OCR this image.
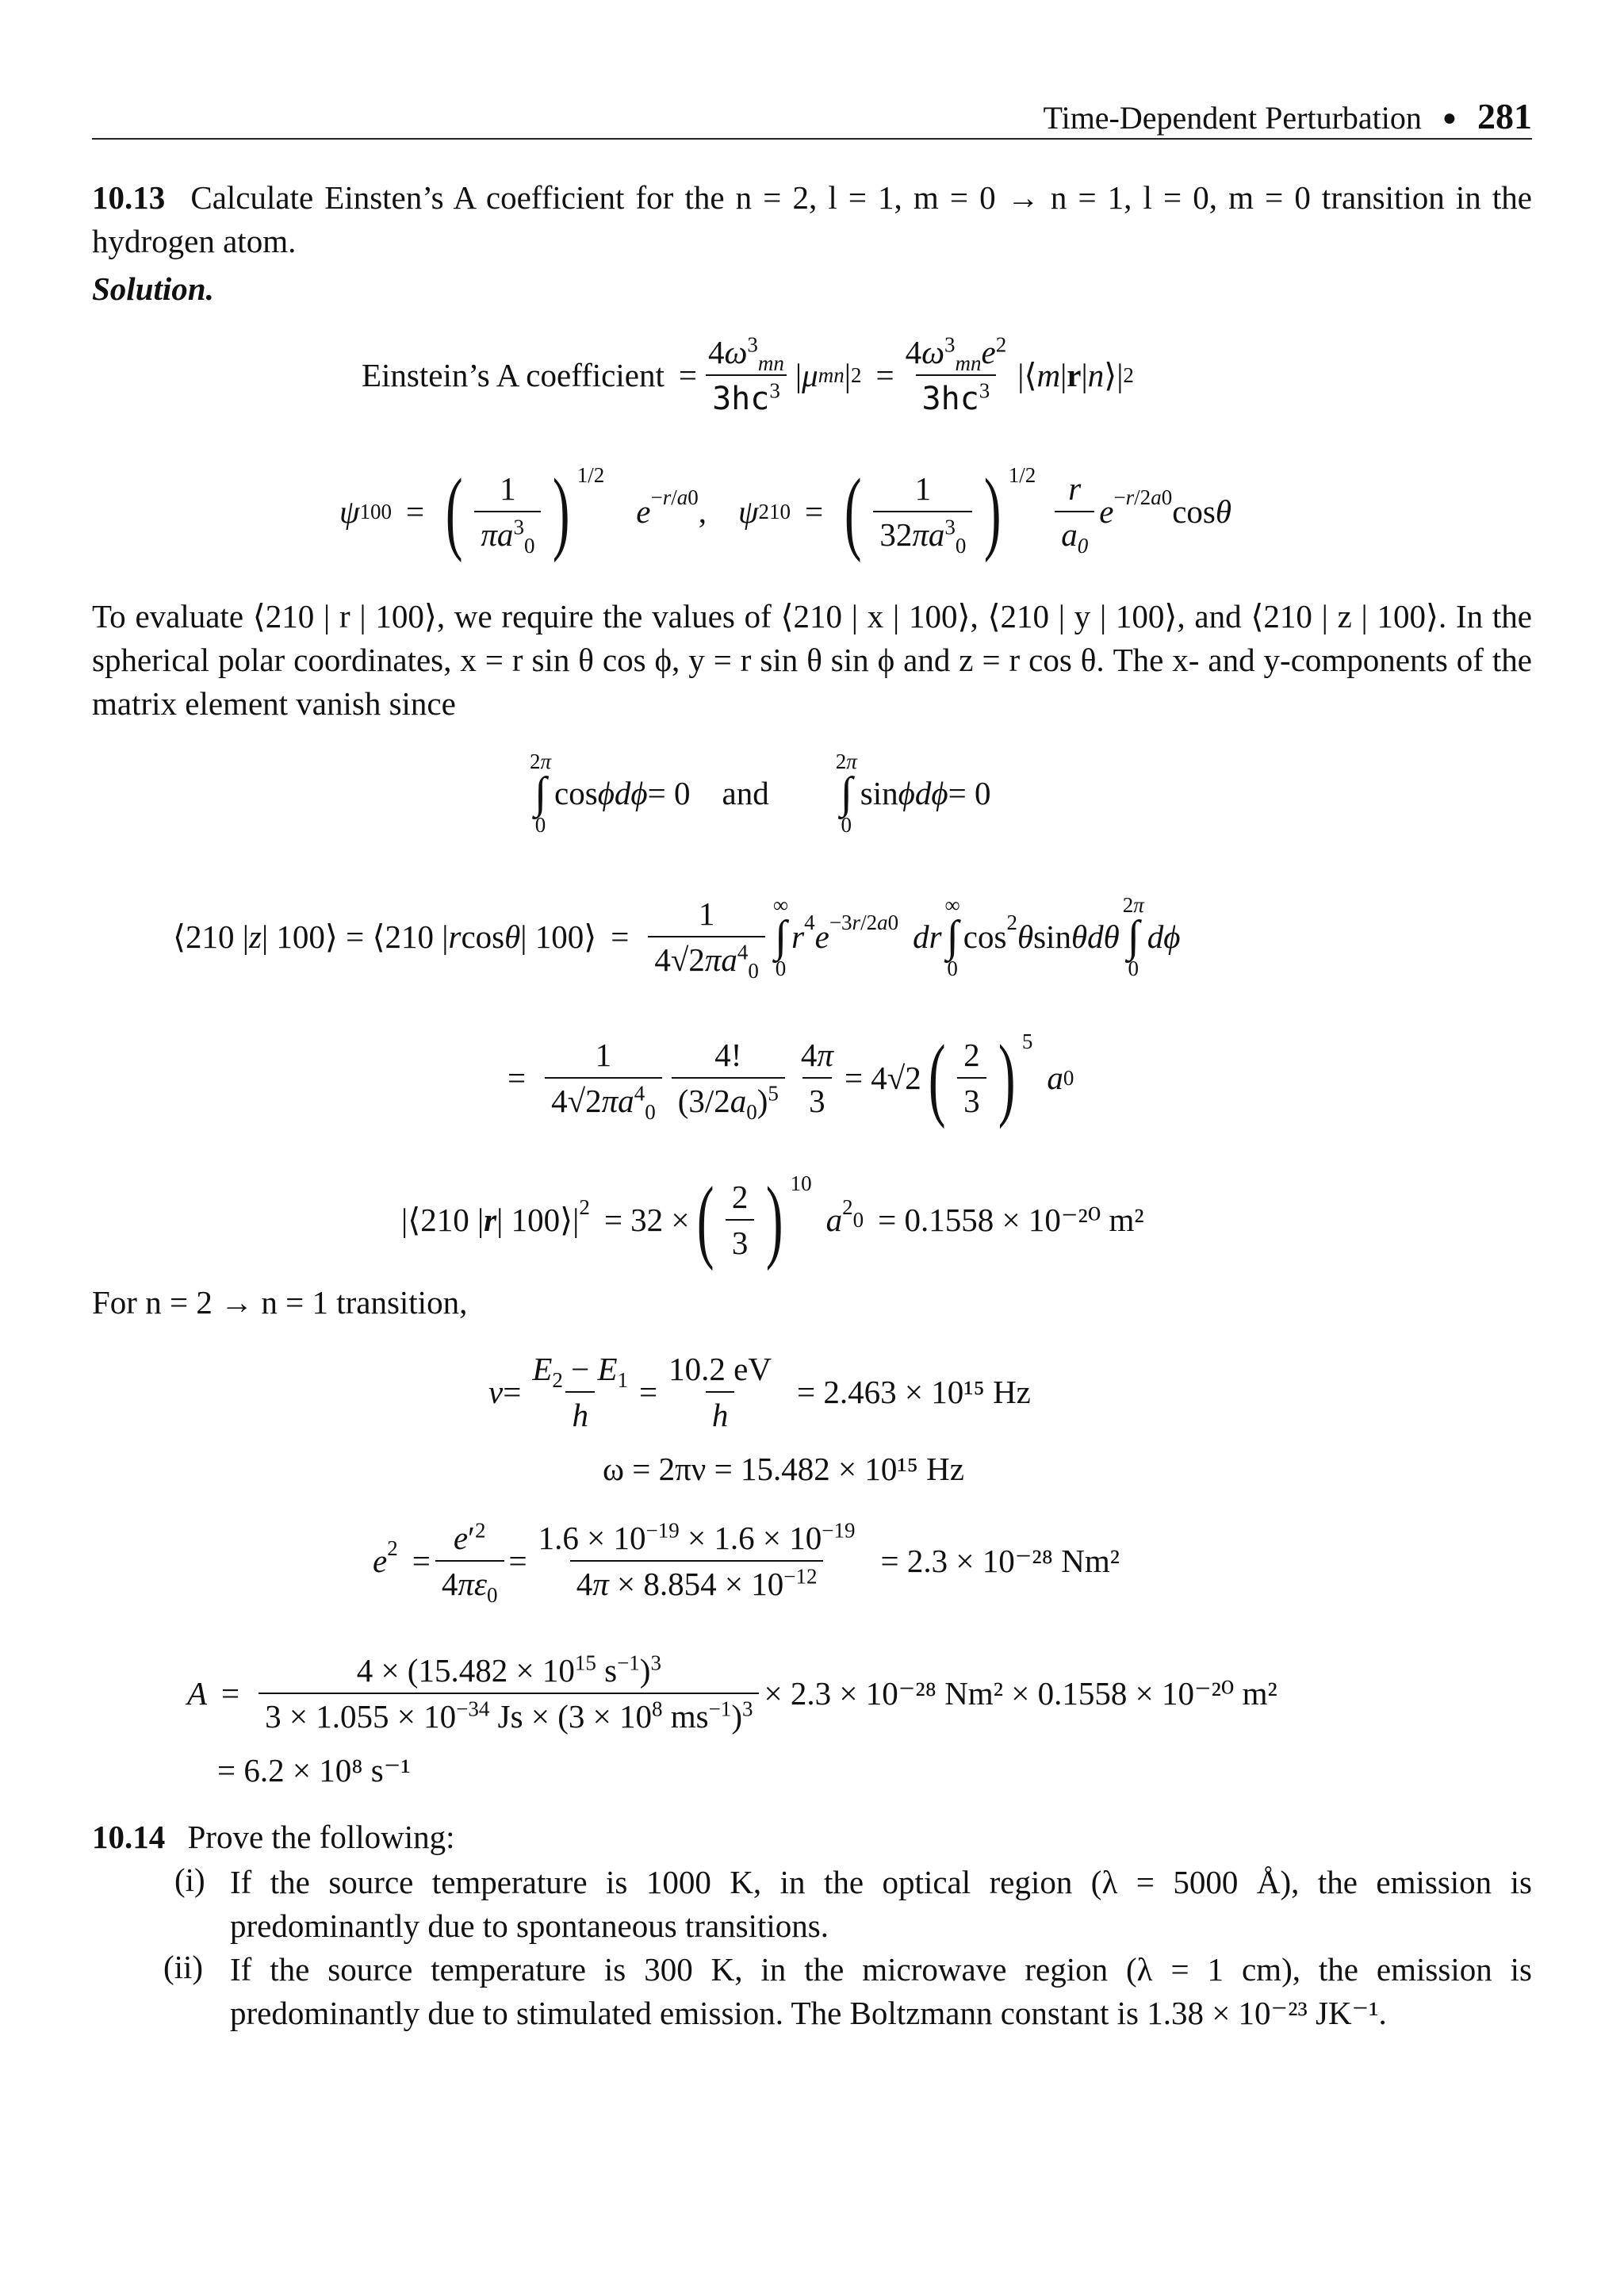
Time-Dependent Perturbation ● 281
10.13 Calculate Einsten’s A coefficient for the n = 2, l = 1, m = 0 → n = 1, l = 0, m = 0 transition in the hydrogen atom.
Solution.
Einstein’s A coefficient = $\frac{4\omega^3_{mn}}{3hc^3}$ | μ mn | $2 = \frac{4\omega^3_{mn}e^2}{3hc^3}$ |⟨ m | r | n ⟩| 2
ψ 100 = ( $\frac{1}{\pi a^3_0}$ ) $^{1/2}$
$e^{-r/a0}$ , ψ 210 = ( $\frac{1}{32\pi a^3_0}$ ) $^{1/2} \frac{r}{a_0} e^{-r/2a0}$ cos θ
To evaluate ⟨210 | r | 100⟩, we require the values of ⟨210 | x | 100⟩, ⟨210 | y | 100⟩, and ⟨210 | z | 100⟩. In the spherical polar coordinates, x = r sin θ cos ϕ, y = r sin θ sin ϕ and z = r cos θ. The x- and y-components of the matrix element vanish since
2π
∫
0
cos ϕ dϕ = 0 and
2π
∫
0
sin ϕ dϕ = 0
⟨210 | z | 100⟩ = ⟨210 | r cos θ | 100⟩
= $\frac{1}{4√2\pi a^4_0}$ ∞
∫
0
$r^4$ $e^{-3r/2a0}$ dr
∞
∫
0
$\cos^2 \theta$ sin θ dθ
2π
∫
0
dϕ
= $\frac{1}{4√2\pi a^4_0} \frac{4!}{(3/2a_0)^5} \frac{4\pi}{3} = 4√2$ ( $\frac{2}{3}$ ) $^5$
a 0
|⟨210 | r | $100⟩|^2 = 32$ × ( $\frac{2}{3}$ ) $^{10}$
$a^2$
0 = 0.1558 × 10⁻²⁰ m²
For n = 2 → n = 1 transition,
$\nu = \frac{E_2 - E_1}{h} = \frac{10.2 eV}{h} = 2.463 \times 10^{15}$ Hz
ω = 2πν = 15.482 × 10¹⁵ Hz
$e^2 = \frac{e'^2}{4\pi\varepsilon_0} = \frac{1.6 \times 10^{-19} \times 1.6 \times 10^{-19}}{4\pi \times 8.854 \times 10^{-12}} = 2.3 \times 10^{-28}$ Nm²
$A = \frac{4 \times (15.482 \times 10^{15} s^{-1})^3}{3 \times 1.055 \times 10^{-34} Js \times (3 \times 10^8 ms^{-1})^3} \times 2.3 \times 10^{-28}$ Nm² × 0.1558 × 10⁻²⁰ m²
= 6.2 × 10⁸ s⁻¹
10.14 Prove the following:
(i) If the source temperature is 1000 K, in the optical region (λ = 5000 Å), the emission is predominantly due to spontaneous transitions.
(ii) If the source temperature is 300 K, in the microwave region (λ = 1 cm), the emission is predominantly due to stimulated emission. The Boltzmann constant is 1.38 × 10⁻²³ JK⁻¹.
